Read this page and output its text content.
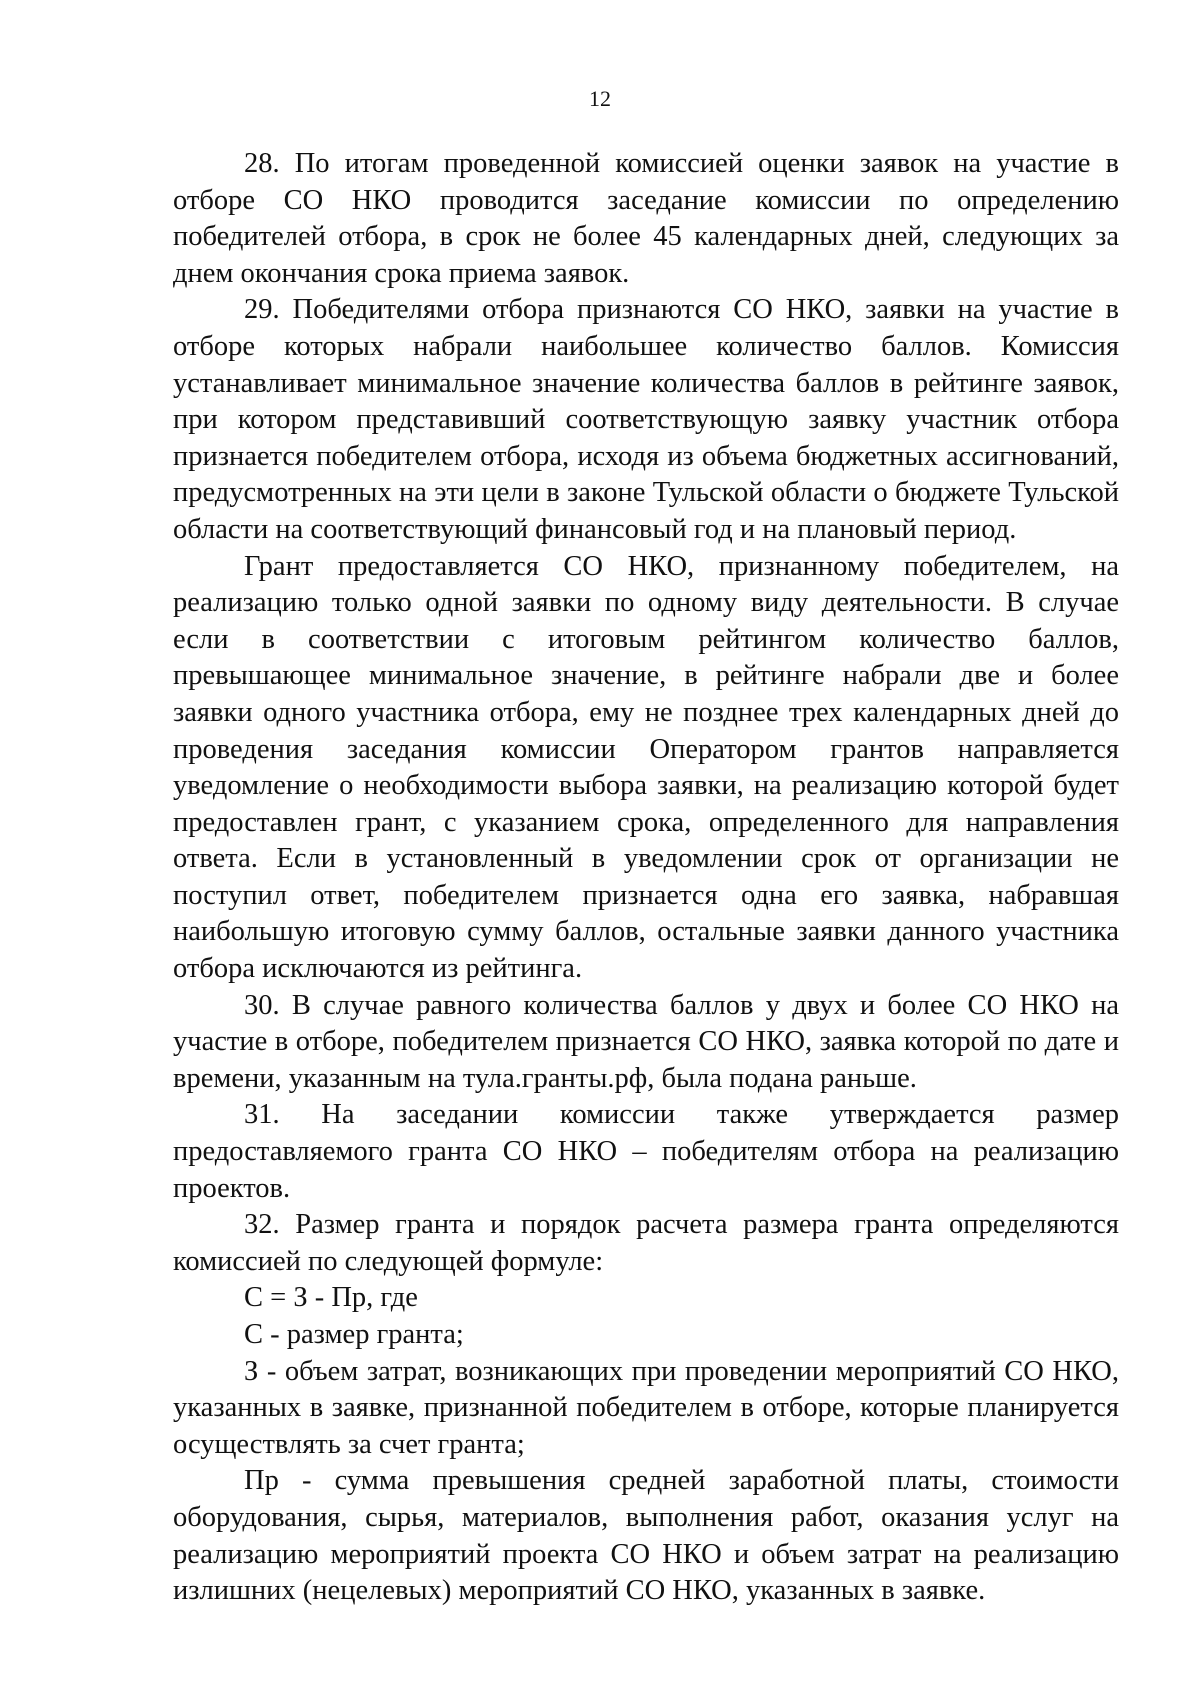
12

28. По итогам проведенной комиссией оценки заявок на участие в отборе СО НКО проводится заседание комиссии по определению победителей отбора, в срок не более 45 календарных дней, следующих за днем окончания срока приема заявок.

29. Победителями отбора признаются СО НКО, заявки на участие в отборе которых набрали наибольшее количество баллов. Комиссия устанавливает минимальное значение количества баллов в рейтинге заявок, при котором представивший соответствующую заявку участник отбора признается победителем отбора, исходя из объема бюджетных ассигнований, предусмотренных на эти цели в законе Тульской области о бюджете Тульской области на соответствующий финансовый год и на плановый период.

Грант предоставляется СО НКО, признанному победителем, на реализацию только одной заявки по одному виду деятельности. В случае если в соответствии с итоговым рейтингом количество баллов, превышающее минимальное значение, в рейтинге набрали две и более заявки одного участника отбора, ему не позднее трех календарных дней до проведения заседания комиссии Оператором грантов направляется уведомление о необходимости выбора заявки, на реализацию которой будет предоставлен грант, с указанием срока, определенного для направления ответа. Если в установленный в уведомлении срок от организации не поступил ответ, победителем признается одна его заявка, набравшая наибольшую итоговую сумму баллов, остальные заявки данного участника отбора исключаются из рейтинга.

30. В случае равного количества баллов у двух и более СО НКО на участие в отборе, победителем признается СО НКО, заявка которой по дате и времени, указанным на тула.гранты.рф, была подана раньше.

31. На заседании комиссии также утверждается размер предоставляемого гранта СО НКО – победителям отбора на реализацию проектов.

32. Размер гранта и порядок расчета размера гранта определяются комиссией по следующей формуле:

С = З - Пр, где

С - размер гранта;

З - объем затрат, возникающих при проведении мероприятий СО НКО, указанных в заявке, признанной победителем в отборе, которые планируется осуществлять за счет гранта;

Пр - сумма превышения средней заработной платы, стоимости оборудования, сырья, материалов, выполнения работ, оказания услуг на реализацию мероприятий проекта СО НКО и объем затрат на реализацию излишних (нецелевых) мероприятий СО НКО, указанных в заявке.
